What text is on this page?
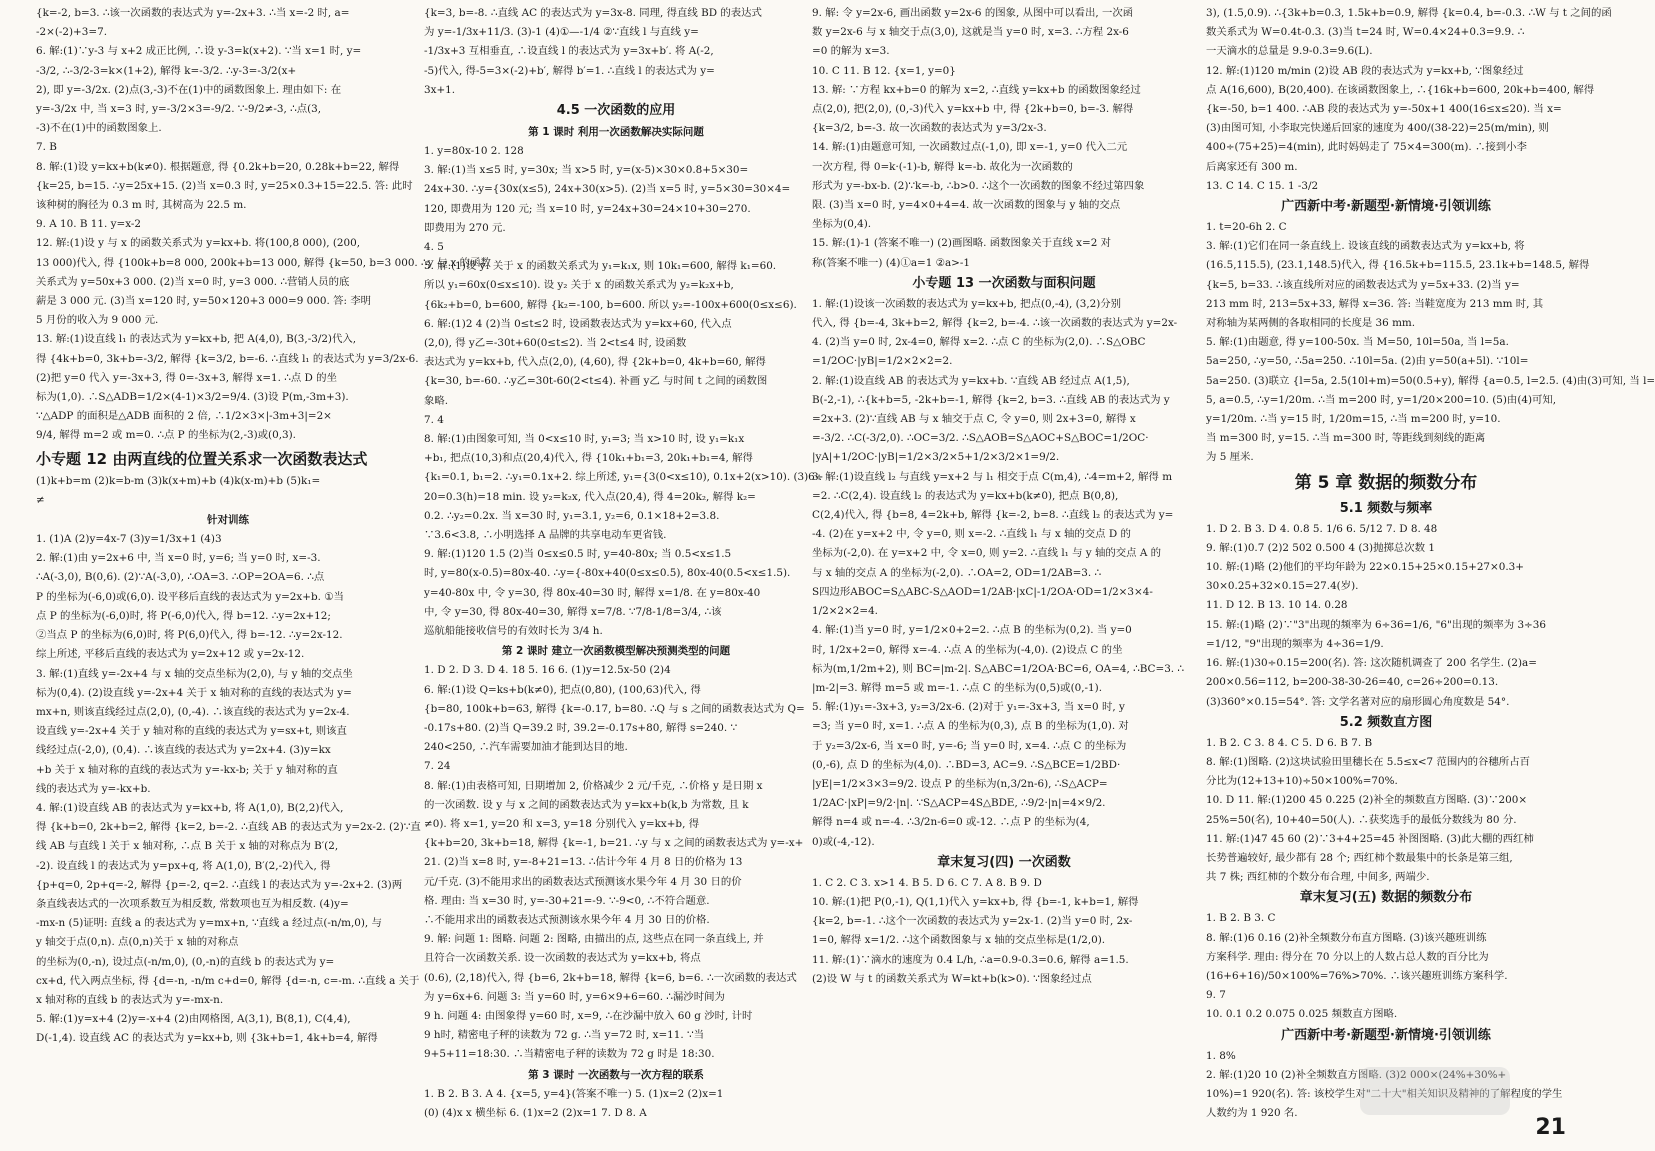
{k=-2, b=3. ∴该一次函数的表达式为 y=-2x+3. ∴当 x=-2 时, a=
-2×(-2)+3=7.
6. 解:(1)∵y-3 与 x+2 成正比例, ∴设 y-3=k(x+2). ∵当 x=1 时, y=
-3/2, ∴-3/2-3=k×(1+2), 解得 k=-3/2. ∴y-3=-3/2(x+
2), 即 y=-3/2x. (2)点(3,-3)不在(1)中的函数图象上. 理由如下: 在
y=-3/2x 中, 当 x=3 时, y=-3/2×3=-9/2. ∵-9/2≠-3, ∴点(3,
-3)不在(1)中的函数图象上.
7. B
8. 解:(1)设 y=kx+b(k≠0). 根据题意, 得 {0.2k+b=20, 0.28k+b=22, 解得
{k=25, b=15. ∴y=25x+15. (2)当 x=0.3 时, y=25×0.3+15=22.5. 答: 此时
该种树的胸径为 0.3 m 时, 其树高为 22.5 m.
9. A 10. B 11. y=x-2
12. 解:(1)设 y 与 x 的函数关系式为 y=kx+b. 将(100,8 000), (200,
13 000)代入, 得 {100k+b=8 000, 200k+b=13 000, 解得 {k=50, b=3 000. ∴y 与 x 的函数
关系式为 y=50x+3 000. (2)当 x=0 时, y=3 000. ∴营销人员的底
薪是 3 000 元. (3)当 x=120 时, y=50×120+3 000=9 000. 答: 李明
5 月份的收入为 9 000 元.
13. 解:(1)设直线 l₁ 的表达式为 y=kx+b, 把 A(4,0), B(3,-3/2)代入,
得 {4k+b=0, 3k+b=-3/2, 解得 {k=3/2, b=-6. ∴直线 l₁ 的表达式为 y=3/2x-6.
(2)把 y=0 代入 y=-3x+3, 得 0=-3x+3, 解得 x=1. ∴点 D 的坐
标为(1,0). ∴S△ADB=1/2×(4-1)×3/2=9/4. (3)设 P(m,-3m+3).
∵△ADP 的面积是△ADB 面积的 2 倍, ∴1/2×3×|-3m+3|=2×
9/4, 解得 m=2 或 m=0. ∴点 P 的坐标为(2,-3)或(0,3).
小专题 12 由两直线的位置关系求一次函数表达式
(1)k+b=m (2)k=b-m (3)k(x+m)+b (4)k(x-m)+b (5)k₁=
≠
针对训练
1. (1)A (2)y=4x-7 (3)y=1/3x+1 (4)3
2. 解:(1)由 y=2x+6 中, 当 x=0 时, y=6; 当 y=0 时, x=-3.
∴A(-3,0), B(0,6). (2)∵A(-3,0), ∴OA=3. ∴OP=2OA=6. ∴点
P 的坐标为(-6,0)或(6,0). 设平移后直线的表达式为 y=2x+b. ①当
点 P 的坐标为(-6,0)时, 将 P(-6,0)代入, 得 b=12. ∴y=2x+12;
②当点 P 的坐标为(6,0)时, 将 P(6,0)代入, 得 b=-12. ∴y=2x-12.
综上所述, 平移后直线的表达式为 y=2x+12 或 y=2x-12.
3. 解:(1)直线 y=-2x+4 与 x 轴的交点坐标为(2,0), 与 y 轴的交点坐
标为(0,4). (2)设直线 y=-2x+4 关于 x 轴对称的直线的表达式为 y=
mx+n, 则该直线经过点(2,0), (0,-4). ∴该直线的表达式为 y=2x-4.
设直线 y=-2x+4 关于 y 轴对称的直线的表达式为 y=sx+t, 则该直
线经过点(-2,0), (0,4). ∴该直线的表达式为 y=2x+4. (3)y=kx
+b 关于 x 轴对称的直线的表达式为 y=-kx-b; 关于 y 轴对称的直
线的表达式为 y=-kx+b.
4. 解:(1)设直线 AB 的表达式为 y=kx+b, 将 A(1,0), B(2,2)代入,
得 {k+b=0, 2k+b=2, 解得 {k=2, b=-2. ∴直线 AB 的表达式为 y=2x-2. (2)∵直
线 AB 与直线 l 关于 x 轴对称, ∴点 B 关于 x 轴的对称点为 B′(2,
-2). 设直线 l 的表达式为 y=px+q, 将 A(1,0), B′(2,-2)代入, 得
{p+q=0, 2p+q=-2, 解得 {p=-2, q=2. ∴直线 l 的表达式为 y=-2x+2. (3)两
条直线表达式的一次项系数互为相反数, 常数项也互为相反数. (4)y=
-mx-n (5)证明: 直线 a 的表达式为 y=mx+n, ∵直线 a 经过点(-n/m,0), 与
y 轴交于点(0,n). 点(0,n)关于 x 轴的对称点
的坐标为(0,-n), 设过点(-n/m,0), (0,-n)的直线 b 的表达式为 y=
cx+d, 代入两点坐标, 得 {d=-n, -n/m c+d=0, 解得 {d=-n, c=-m. ∴直线 a 关于
x 轴对称的直线 b 的表达式为 y=-mx-n.
5. 解:(1)y=x+4 (2)y=-x+4 (2)由网格图, A(3,1), B(8,1), C(4,4),
D(-1,4). 设直线 AC 的表达式为 y=kx+b, 则 {3k+b=1, 4k+b=4, 解得
{k=3, b=-8. ∴直线 AC 的表达式为 y=3x-8. 同理, 得直线 BD 的表达式
为 y=-1/3x+11/3. (3)-1 (4)①—-1/4 ②∵直线 l 与直线 y=
-1/3x+3 互相垂直, ∴设直线 l 的表达式为 y=3x+b′. 将 A(-2,
-5)代入, 得-5=3×(-2)+b′, 解得 b′=1. ∴直线 l 的表达式为 y=
3x+1.
4.5 一次函数的应用
第 1 课时 利用一次函数解决实际问题
1. y=80x-10 2. 128
3. 解:(1)当 x≤5 时, y=30x; 当 x>5 时, y=(x-5)×30×0.8+5×30=
24x+30. ∴y={30x(x≤5), 24x+30(x>5). (2)当 x=5 时, y=5×30=30×4=
120, 即费用为 120 元; 当 x=10 时, y=24x+30=24×10+30=270.
即费用为 270 元.
4. 5
5. 解:(1)设 y₁ 关于 x 的函数关系式为 y₁=k₁x, 则 10k₁=600, 解得 k₁=60.
所以 y₁=60x(0≤x≤10). 设 y₂ 关于 x 的函数关系式为 y₂=k₂x+b,
{6k₂+b=0, b=600, 解得 {k₂=-100, b=600. 所以 y₂=-100x+600(0≤x≤6).
6. 解:(1)2 4 (2)当 0≤t≤2 时, 设函数表达式为 y=kx+60, 代入点
(2,0), 得 y乙=-30t+60(0≤t≤2). 当 2<t≤4 时, 设函数
表达式为 y=kx+b, 代入点(2,0), (4,60), 得 {2k+b=0, 4k+b=60, 解得
{k=30, b=-60. ∴y乙=30t-60(2<t≤4). 补画 y乙 与时间 t 之间的函数图
象略.
7. 4
8. 解:(1)由图象可知, 当 0<x≤10 时, y₁=3; 当 x>10 时, 设 y₁=k₁x
+b₁, 把点(10,3)和点(20,4)代入, 得 {10k₁+b₁=3, 20k₁+b₁=4, 解得
{k₁=0.1, b₁=2. ∴y₁=0.1x+2. 综上所述, y₁={3(0<x≤10), 0.1x+2(x>10). (3)6÷
20=0.3(h)=18 min. 设 y₂=k₂x, 代入点(20,4), 得 4=20k₂, 解得 k₂=
0.2. ∴y₂=0.2x. 当 x=30 时, y₁=3.1, y₂=6, 0.1×18+2=3.8.
∵3.6<3.8, ∴小明选择 A 品牌的共享电动车更省钱.
9. 解:(1)120 1.5 (2)当 0≤x≤0.5 时, y=40-80x; 当 0.5<x≤1.5
时, y=80(x-0.5)=80x-40. ∴y={-80x+40(0≤x≤0.5), 80x-40(0.5<x≤1.5).
y=40-80x 中, 令 y=30, 得 80x-40=30 时, 解得 x=1/8. 在 y=80x-40
中, 令 y=30, 得 80x-40=30, 解得 x=7/8. ∵7/8-1/8=3/4, ∴该
巡航船能接收信号的有效时长为 3/4 h.
第 2 课时 建立一次函数模型解决预测类型的问题
1. D 2. D 3. D 4. 18 5. 16 6. (1)y=12.5x-50 (2)4
6. 解:(1)设 Q=ks+b(k≠0), 把点(0,80), (100,63)代入, 得
{b=80, 100k+b=63, 解得 {k=-0.17, b=80. ∴Q 与 s 之间的函数表达式为 Q=
-0.17s+80. (2)当 Q=39.2 时, 39.2=-0.17s+80, 解得 s=240. ∵
240<250, ∴汽车需要加油才能到达目的地.
7. 24
8. 解:(1)由表格可知, 日期增加 2, 价格减少 2 元/千克, ∴价格 y 是日期 x
的一次函数. 设 y 与 x 之间的函数表达式为 y=kx+b(k,b 为常数, 且 k
≠0). 将 x=1, y=20 和 x=3, y=18 分别代入 y=kx+b, 得
{k+b=20, 3k+b=18, 解得 {k=-1, b=21. ∴y 与 x 之间的函数表达式为 y=-x+
21. (2)当 x=8 时, y=-8+21=13. ∴估计今年 4 月 8 日的价格为 13
元/千克. (3)不能用求出的函数表达式预测该水果今年 4 月 30 日的价
格. 理由: 当 x=30 时, y=-30+21=-9. ∵-9<0, ∴不符合题意.
∴不能用求出的函数表达式预测该水果今年 4 月 30 日的价格.
9. 解: 问题 1: 图略. 问题 2: 图略, 由描出的点, 这些点在同一条直线上, 并
且符合一次函数关系. 设一次函数的表达式为 y=kx+b, 将点
(0.6), (2,18)代入, 得 {b=6, 2k+b=18, 解得 {k=6, b=6. ∴一次函数的表达式
为 y=6x+6. 问题 3: 当 y=60 时, y=6×9+6=60. ∴漏沙时间为
9 h. 问题 4: 由图象得 y=60 时, x=9, ∴在沙漏中放入 60 g 沙时, 计时
9 h时, 精密电子秤的读数为 72 g. ∴当 y=72 时, x=11. ∵当
9+5+11=18:30. ∴当精密电子秤的读数为 72 g 时是 18:30.
第 3 课时 一次函数与一次方程的联系
1. B 2. B 3. A 4. {x=5, y=4}(答案不唯一) 5. (1)x=2 (2)x=1
(0) (4)x x 横坐标 6. (1)x=2 (2)x=1 7. D 8. A
9. 解: 令 y=2x-6, 画出函数 y=2x-6 的图象, 从图中可以看出, 一次函
数 y=2x-6 与 x 轴交于点(3,0), 这就是当 y=0 时, x=3. ∴方程 2x-6
=0 的解为 x=3.
10. C 11. B 12. {x=1, y=0}
13. 解: ∵方程 kx+b=0 的解为 x=2, ∴直线 y=kx+b 的函数图象经过
点(2,0), 把(2,0), (0,-3)代入 y=kx+b 中, 得 {2k+b=0, b=-3. 解得
{k=3/2, b=-3. 故一次函数的表达式为 y=3/2x-3.
14. 解:(1)由题意可知, 一次函数过点(-1,0), 即 x=-1, y=0 代入二元
一次方程, 得 0=k·(-1)-b, 解得 k=-b. 故化为一次函数的
形式为 y=-bx-b. (2)∵k=-b, ∴b>0. ∴这个一次函数的图象不经过第四象
限. (3)当 x=0 时, y=4×0+4=4. 故一次函数的图象与 y 轴的交点
坐标为(0,4).
15. 解:(1)-1 (答案不唯一) (2)画图略. 函数图象关于直线 x=2 对
称(答案不唯一) (4)①a=1 ②a>-1
小专题 13 一次函数与面积问题
1. 解:(1)设该一次函数的表达式为 y=kx+b, 把点(0,-4), (3,2)分别
代入, 得 {b=-4, 3k+b=2, 解得 {k=2, b=-4. ∴该一次函数的表达式为 y=2x-
4. (2)当 y=0 时, 2x-4=0, 解得 x=2. ∴点 C 的坐标为(2,0). ∴S△OBC
=1/2OC·|yB|=1/2×2×2=2.
2. 解:(1)设直线 AB 的表达式为 y=kx+b. ∵直线 AB 经过点 A(1,5),
B(-2,-1), ∴{k+b=5, -2k+b=-1, 解得 {k=2, b=3. ∴直线 AB 的表达式为 y
=2x+3. (2)∵直线 AB 与 x 轴交于点 C, 令 y=0, 则 2x+3=0, 解得 x
=-3/2. ∴C(-3/2,0). ∴OC=3/2. ∴S△AOB=S△AOC+S△BOC=1/2OC·
|yA|+1/2OC·|yB|=1/2×3/2×5+1/2×3/2×1=9/2.
3. 解:(1)设直线 l₂ 与直线 y=x+2 与 l₁ 相交于点 C(m,4), ∴4=m+2, 解得 m
=2. ∴C(2,4). 设直线 l₂ 的表达式为 y=kx+b(k≠0), 把点 B(0,8),
C(2,4)代入, 得 {b=8, 4=2k+b, 解得 {k=-2, b=8. ∴直线 l₂ 的表达式为 y=
-4. (2)在 y=x+2 中, 令 y=0, 则 x=-2. ∴直线 l₁ 与 x 轴的交点 D 的
坐标为(-2,0). 在 y=x+2 中, 令 x=0, 则 y=2. ∴直线 l₁ 与 y 轴的交点 A 的
与 x 轴的交点 A 的坐标为(-2,0). ∴OA=2, OD=1/2AB=3. ∴
S四边形ABOC=S△ABC-S△AOD=1/2AB·|xC|-1/2OA·OD=1/2×3×4-
1/2×2×2=4.
4. 解:(1)当 y=0 时, y=1/2×0+2=2. ∴点 B 的坐标为(0,2). 当 y=0
时, 1/2x+2=0, 解得 x=-4. ∴点 A 的坐标为(-4,0). (2)设点 C 的坐
标为(m,1/2m+2), 则 BC=|m-2|. S△ABC=1/2OA·BC=6, OA=4, ∴BC=3. ∴
|m-2|=3. 解得 m=5 或 m=-1. ∴点 C 的坐标为(0,5)或(0,-1).
5. 解:(1)y₁=-3x+3, y₂=3/2x-6. (2)对于 y₁=-3x+3, 当 x=0 时, y
=3; 当 y=0 时, x=1. ∴点 A 的坐标为(0,3), 点 B 的坐标为(1,0). 对
于 y₂=3/2x-6, 当 x=0 时, y=-6; 当 y=0 时, x=4. ∴点 C 的坐标为
(0,-6), 点 D 的坐标为(4,0). ∴BD=3, AC=9. ∴S△BCE=1/2BD·
|yE|=1/2×3×3=9/2. 设点 P 的坐标为(n,3/2n-6), ∴S△ACP=
1/2AC·|xP|=9/2·|n|. ∵S△ACP=4S△BDE, ∴9/2·|n|=4×9/2.
解得 n=4 或 n=-4. ∴3/2n-6=0 或-12. ∴点 P 的坐标为(4,
0)或(-4,-12).
章末复习(四) 一次函数
1. C 2. C 3. x>1 4. B 5. D 6. C 7. A 8. B 9. D
10. 解:(1)把 P(0,-1), Q(1,1)代入 y=kx+b, 得 {b=-1, k+b=1, 解得
{k=2, b=-1. ∴这个一次函数的表达式为 y=2x-1. (2)当 y=0 时, 2x-
1=0, 解得 x=1/2. ∴这个函数图象与 x 轴的交点坐标是(1/2,0).
11. 解:(1)∵滴水的速度为 0.4 L/h, ∴a=0.9-0.3=0.6, 解得 a=1.5.
(2)设 W 与 t 的函数关系式为 W=kt+b(k>0). ∵图象经过点
3), (1.5,0.9). ∴{3k+b=0.3, 1.5k+b=0.9, 解得 {k=0.4, b=-0.3. ∴W 与 t 之间的函
数关系式为 W=0.4t-0.3. (3)当 t=24 时, W=0.4×24+0.3=9.9. ∴
一天滴水的总量是 9.9-0.3=9.6(L).
12. 解:(1)120 m/min (2)设 AB 段的表达式为 y=kx+b, ∵图象经过
点 A(16,600), B(20,400). 在该函数图象上, ∴{16k+b=600, 20k+b=400, 解得
{k=-50, b=1 400. ∴AB 段的表达式为 y=-50x+1 400(16≤x≤20). 当 x=
(3)由图可知, 小李取完快递后回家的速度为 400/(38-22)=25(m/min), 则
400÷(75+25)=4(min), 此时妈妈走了 75×4=300(m). ∴接到小李
后离家还有 300 m.
13. C 14. C 15. 1 -3/2
广西新中考·新题型·新情境·引领训练
1. t=20-6h 2. C
3. 解:(1)它们在同一条直线上. 设该直线的函数表达式为 y=kx+b, 将
(16.5,115.5), (23.1,148.5)代入, 得 {16.5k+b=115.5, 23.1k+b=148.5, 解得
{k=5, b=33. ∴该直线所对应的函数表达式为 y=5x+33. (2)当 y=
213 mm 时, 213=5x+33, 解得 x=36. 答: 当鞋宽度为 213 mm 时, 其
对称轴为某两侧的各取相同的长度是 36 mm.
5. 解:(1)由题意, 得 y=100-50x. 当 M=50, 10l=50a, 当 l=5a.
5a=250, ∴y=50, ∴5a=250. ∴10l=5a. (2)由 y=50(a+5l). ∵10l=
5a=250. (3)联立 {l=5a, 2.5(10l+m)=50(0.5+y), 解得 {a=0.5, l=2.5. (4)由(3)可知, 当 l=
5, a=0.5, ∴y=1/20m. ∴当 m=200 时, y=1/20×200=10. (5)由(4)可知,
y=1/20m. ∴当 y=15 时, 1/20m=15, ∴当 m=200 时, y=10.
当 m=300 时, y=15. ∴当 m=300 时, 等距线到刻线的距离
为 5 厘米.
第 5 章 数据的频数分布
5.1 频数与频率
1. D 2. B 3. D 4. 0.8 5. 1/6 6. 5/12 7. D 8. 48
9. 解:(1)0.7 (2)2 502 0.500 4 (3)抛掷总次数 1
10. 解:(1)略 (2)他们的平均年龄为 22×0.15+25×0.15+27×0.3+
30×0.25+32×0.15=27.4(岁).
11. D 12. B 13. 10 14. 0.28
15. 解:(1)略 (2)∵"3"出现的频率为 6÷36=1/6, "6"出现的频率为 3÷36
=1/12, "9"出现的频率为 4÷36=1/9.
16. 解:(1)30÷0.15=200(名). 答: 这次随机调查了 200 名学生. (2)a=
200×0.56=112, b=200-38-30-26=40, c=26÷200=0.13.
(3)360°×0.15=54°. 答: 文学名著对应的扇形圆心角度数是 54°.
5.2 频数直方图
1. B 2. C 3. 8 4. C 5. D 6. B 7. B
8. 解:(1)图略. (2)这块试验田里穗长在 5.5≤x<7 范围内的谷穗所占百
分比为(12+13+10)÷50×100%=70%.
10. D 11. 解:(1)200 45 0.225 (2)补全的频数直方图略. (3)∵200×
25%=50(名), 10+40=50(人). ∴获奖选手的最低分数线为 80 分.
11. 解:(1)47 45 60 (2)∵3+4+25=45 补图图略. (3)此大棚的西红柿
长势普遍较好, 最少都有 28 个; 西红柿个数最集中的长条是第三组,
共 7 株; 西红柿的个数分布合理, 中间多, 两端少.
章末复习(五) 数据的频数分布
1. B 2. B 3. C
8. 解:(1)6 0.16 (2)补全频数分布直方图略. (3)该兴趣班训练
方案科学. 理由: 得分在 70 分以上的人数占总人数的百分比为
(16+6+16)/50×100%=76%>70%. ∴该兴趣班训练方案科学.
9. 7
10. 0.1 0.2 0.075 0.025 频数直方图略.
广西新中考·新题型·新情境·引领训练
1. 8%
2. 解:(1)20 10 (2)补全频数直方图略. (3)2 000×(24%+30%+
10%)=1 920(名). 答: 该校学生对"二十大"相关知识及精神的了解程度的学生
人数约为 1 920 名.
21
